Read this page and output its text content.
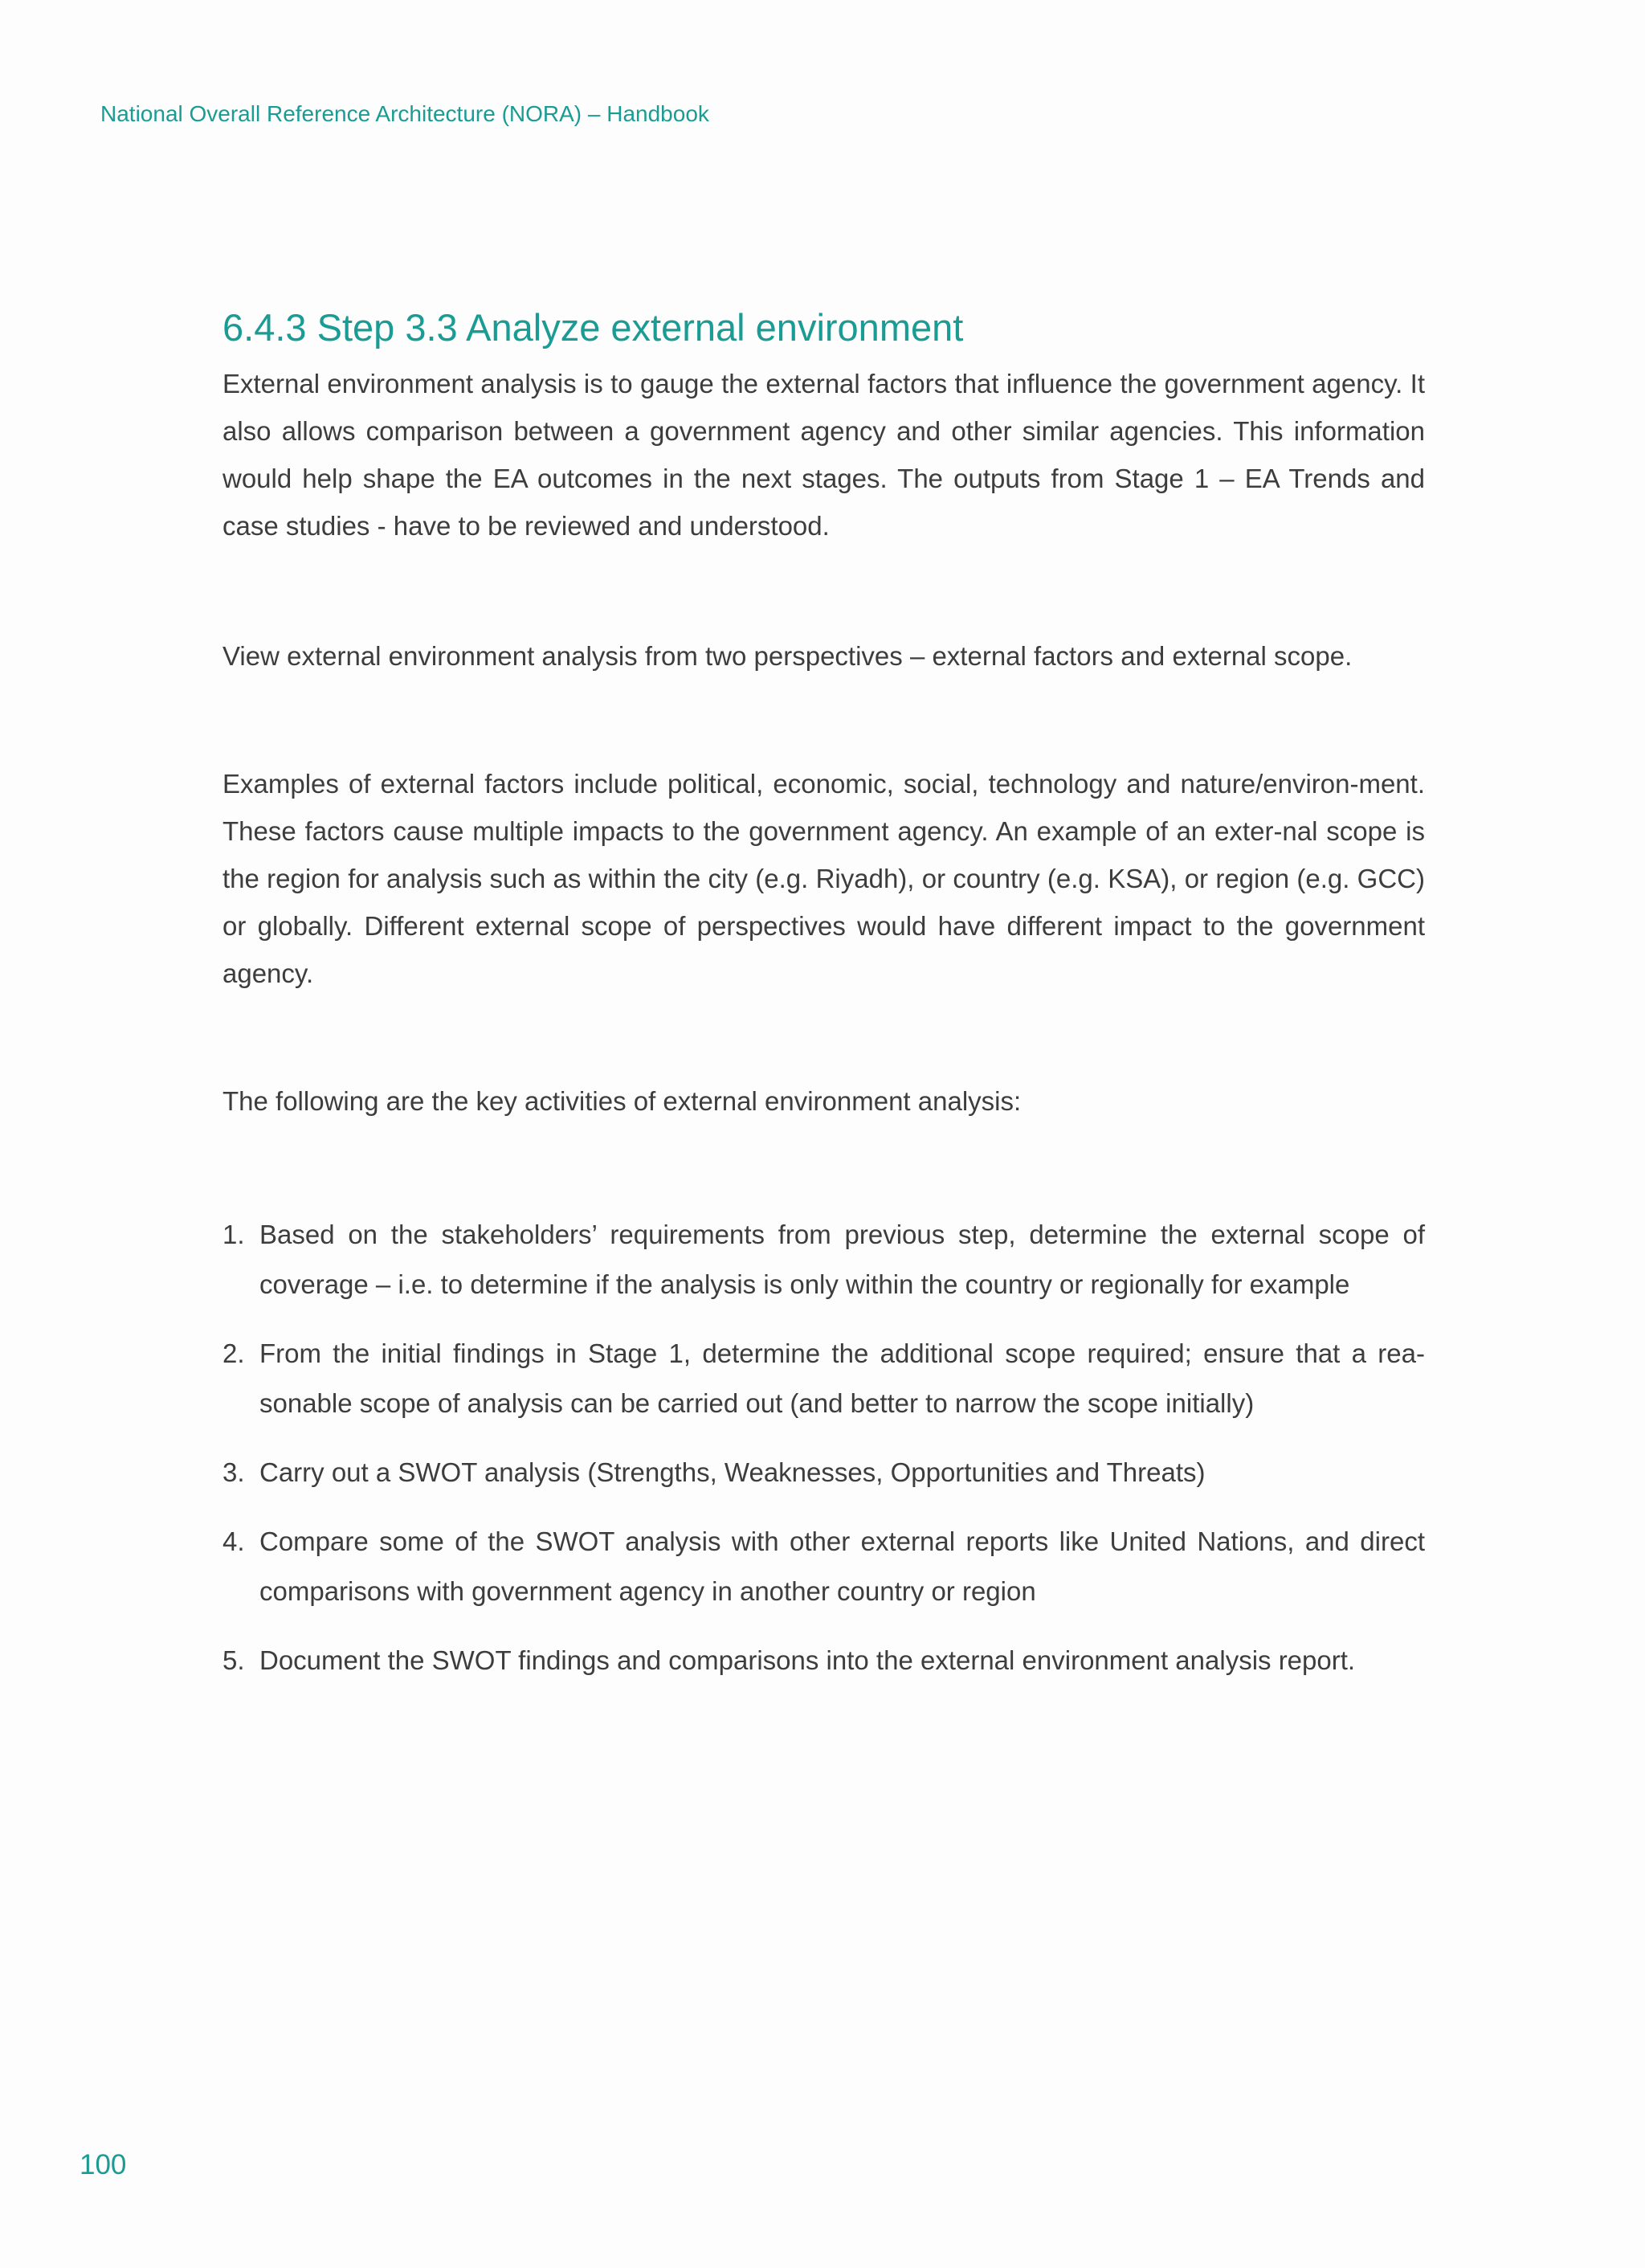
National Overall Reference Architecture (NORA) – Handbook
6.4.3 Step 3.3 Analyze external environment

External environment analysis is to gauge the external factors that influence the government agency. It also allows comparison between a government agency and other similar agencies. This information would help shape the EA outcomes in the next stages. The outputs from Stage 1 – EA Trends and case studies - have to be reviewed and understood.

View external environment analysis from two perspectives – external factors and external scope.

Examples of external factors include political, economic, social, technology and nature/environ-ment. These factors cause multiple impacts to the government agency. An example of an exter-nal scope is the region for analysis such as within the city (e.g. Riyadh), or country (e.g. KSA), or region (e.g. GCC) or globally. Different external scope of perspectives would have different impact to the government agency.

The following are the key activities of external environment analysis:

1. Based on the stakeholders’ requirements from previous step, determine the external scope of coverage – i.e. to determine if the analysis is only within the country or regionally for example
2. From the initial findings in Stage 1, determine the additional scope required; ensure that a rea-sonable scope of analysis can be carried out (and better to narrow the scope initially)
3. Carry out a SWOT analysis (Strengths, Weaknesses, Opportunities and Threats)
4. Compare some of the SWOT analysis with other external reports like United Nations, and direct comparisons with government agency in another country or region
5. Document the SWOT findings and comparisons into the external environment analysis report.
100
